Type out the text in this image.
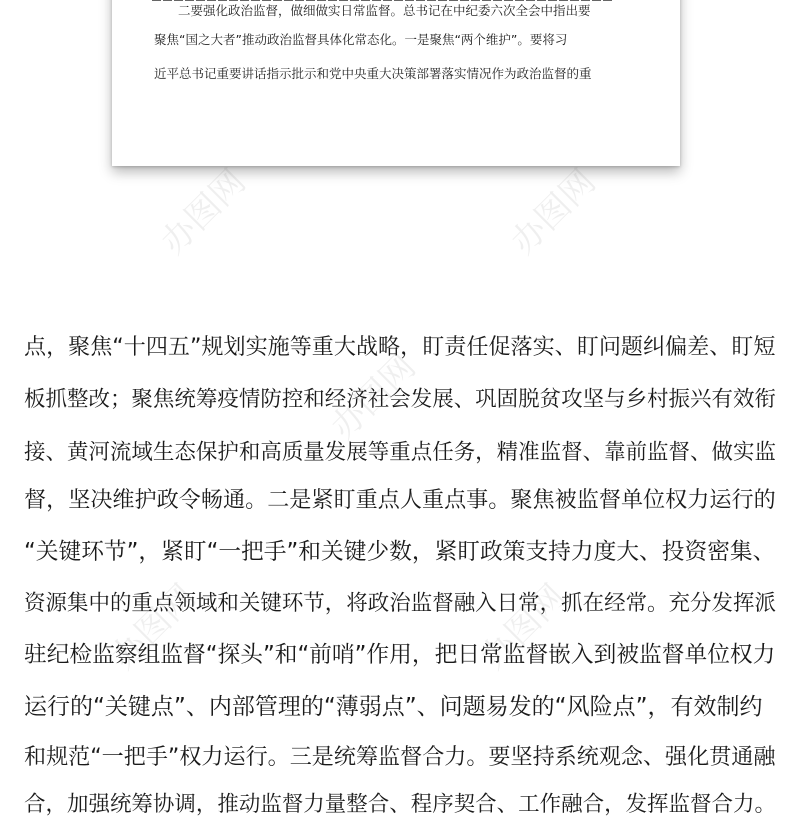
二要强化政治监督，做细做实日常监督。总书记在中纪委六次全会中指出要
聚焦“国之大者”推动政治监督具体化常态化。一是聚焦“两个维护”。要将习
近平总书记重要讲话指示批示和党中央重大决策部署落实情况作为政治监督的重
办图网	办图网
办图网
办图网	办图网
点，聚焦“十四五”规划实施等重大战略，盯责任促落实、盯问题纠偏差、盯短
板抓整改；聚焦统筹疫情防控和经济社会发展、巩固脱贫攻坚与乡村振兴有效衔
接、黄河流域生态保护和高质量发展等重点任务，精准监督、靠前监督、做实监
督，坚决维护政令畅通。二是紧盯重点人重点事。聚焦被监督单位权力运行的
“关键环节”，紧盯“一把手”和关键少数，紧盯政策支持力度大、投资密集、
资源集中的重点领域和关键环节，将政治监督融入日常，抓在经常。充分发挥派
驻纪检监察组监督“探头”和“前哨”作用，把日常监督嵌入到被监督单位权力
运行的“关键点”、内部管理的“薄弱点”、问题易发的“风险点”，有效制约
和规范“一把手”权力运行。三是统筹监督合力。要坚持系统观念、强化贯通融
合，加强统筹协调，推动监督力量整合、程序契合、工作融合，发挥监督合力。
